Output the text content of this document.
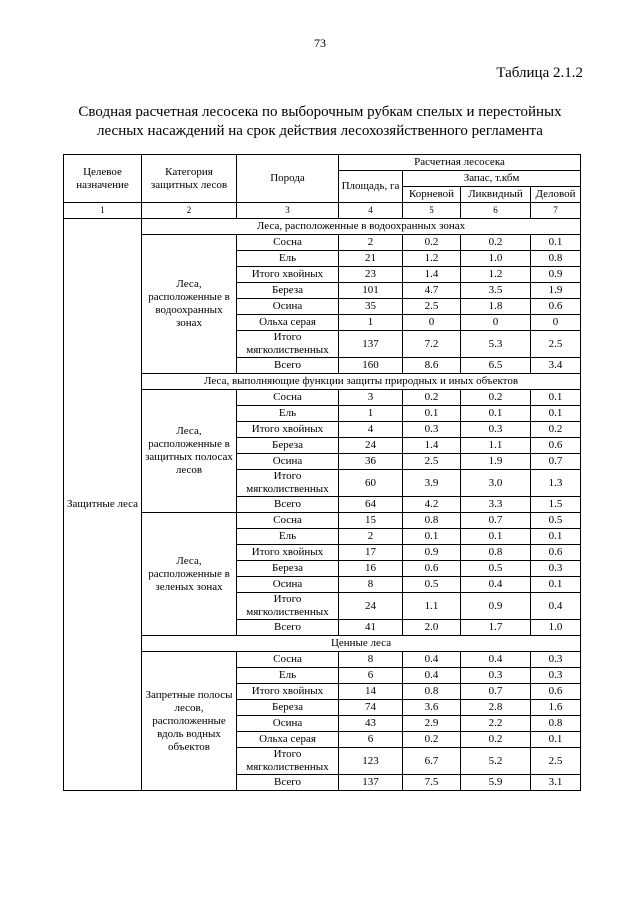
73
Таблица 2.1.2
Сводная расчетная лесосека по выборочным рубкам спелых и перестойных лесных насаждений на срок действия лесохозяйственного регламента
Целевое назначение	Категория защитных лесов	Порода	Расчетная лесосека			
			Площадь, га	Запас, т.кбм		
				Корневой	Ликвидный	Деловой
1	2	3	4	5	6	7
Защитные леса	Леса, расположенные в водоохранных зонах					
	Леса, расположенные в водоохранных зонах	Сосна	2	0.2	0.2	0.1
		Ель	21	1.2	1.0	0.8
		Итого хвойных	23	1.4	1.2	0.9
		Береза	101	4.7	3.5	1.9
		Осина	35	2.5	1.8	0.6
		Ольха серая	1	0	0	0
		Итого мягколиственных	137	7.2	5.3	2.5
		Всего	160	8.6	6.5	3.4
	Леса, выполняющие функции защиты природных и иных объектов					
	Леса, расположенные в защитных полосах лесов	Сосна	3	0.2	0.2	0.1
		Ель	1	0.1	0.1	0.1
		Итого хвойных	4	0.3	0.3	0.2
		Береза	24	1.4	1.1	0.6
		Осина	36	2.5	1.9	0.7
		Итого мягколиственных	60	3.9	3.0	1.3
		Всего	64	4.2	3.3	1.5
	Леса, расположенные в зеленых зонах	Сосна	15	0.8	0.7	0.5
		Ель	2	0.1	0.1	0.1
		Итого хвойных	17	0.9	0.8	0.6
		Береза	16	0.6	0.5	0.3
		Осина	8	0.5	0.4	0.1
		Итого мягколиственных	24	1.1	0.9	0.4
		Всего	41	2.0	1.7	1.0
	Ценные леса					
	Запретные полосы лесов, расположенные вдоль водных объектов	Сосна	8	0.4	0.4	0.3
		Ель	6	0.4	0.3	0.3
		Итого хвойных	14	0.8	0.7	0.6
		Береза	74	3.6	2.8	1.6
		Осина	43	2.9	2.2	0.8
		Ольха серая	6	0.2	0.2	0.1
		Итого мягколиственных	123	6.7	5.2	2.5
		Всего	137	7.5	5.9	3.1
